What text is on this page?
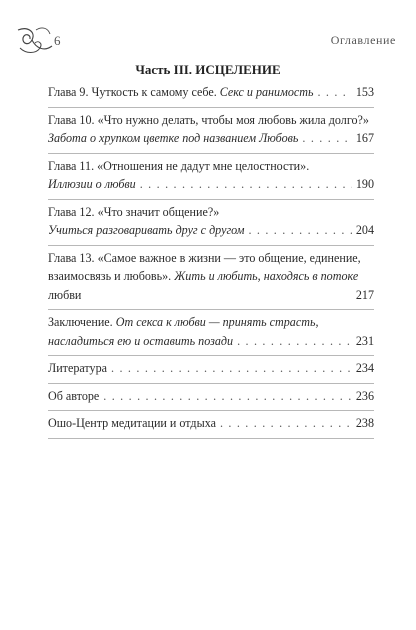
6	Оглавление
Часть III. ИСЦЕЛЕНИЕ
Глава 9. Чуткость к самому себе. Секс и ранимость . . .	153
Глава 10. «Что нужно делать, чтобы моя любовь жила долго?»
Забота о хрупком цветке под названием Любовь . . .	167
Глава 11. «Отношения не дадут мне целостности».
Иллюзии о любви . . .	190
Глава 12. «Что значит общение?»
Учиться разговаривать друг с другом . . .	204
Глава 13. «Самое важное в жизни — это общение, единение,
взаимосвязь и любовь». Жить и любить, находясь в потоке
любви	217
Заключение. От секса к любви — принять страсть,
насладиться ею и оставить позади . . .	231
Литература . . .	234
Об авторе . . .	236
Ошо-Центр медитации и отдыха . . .	238
